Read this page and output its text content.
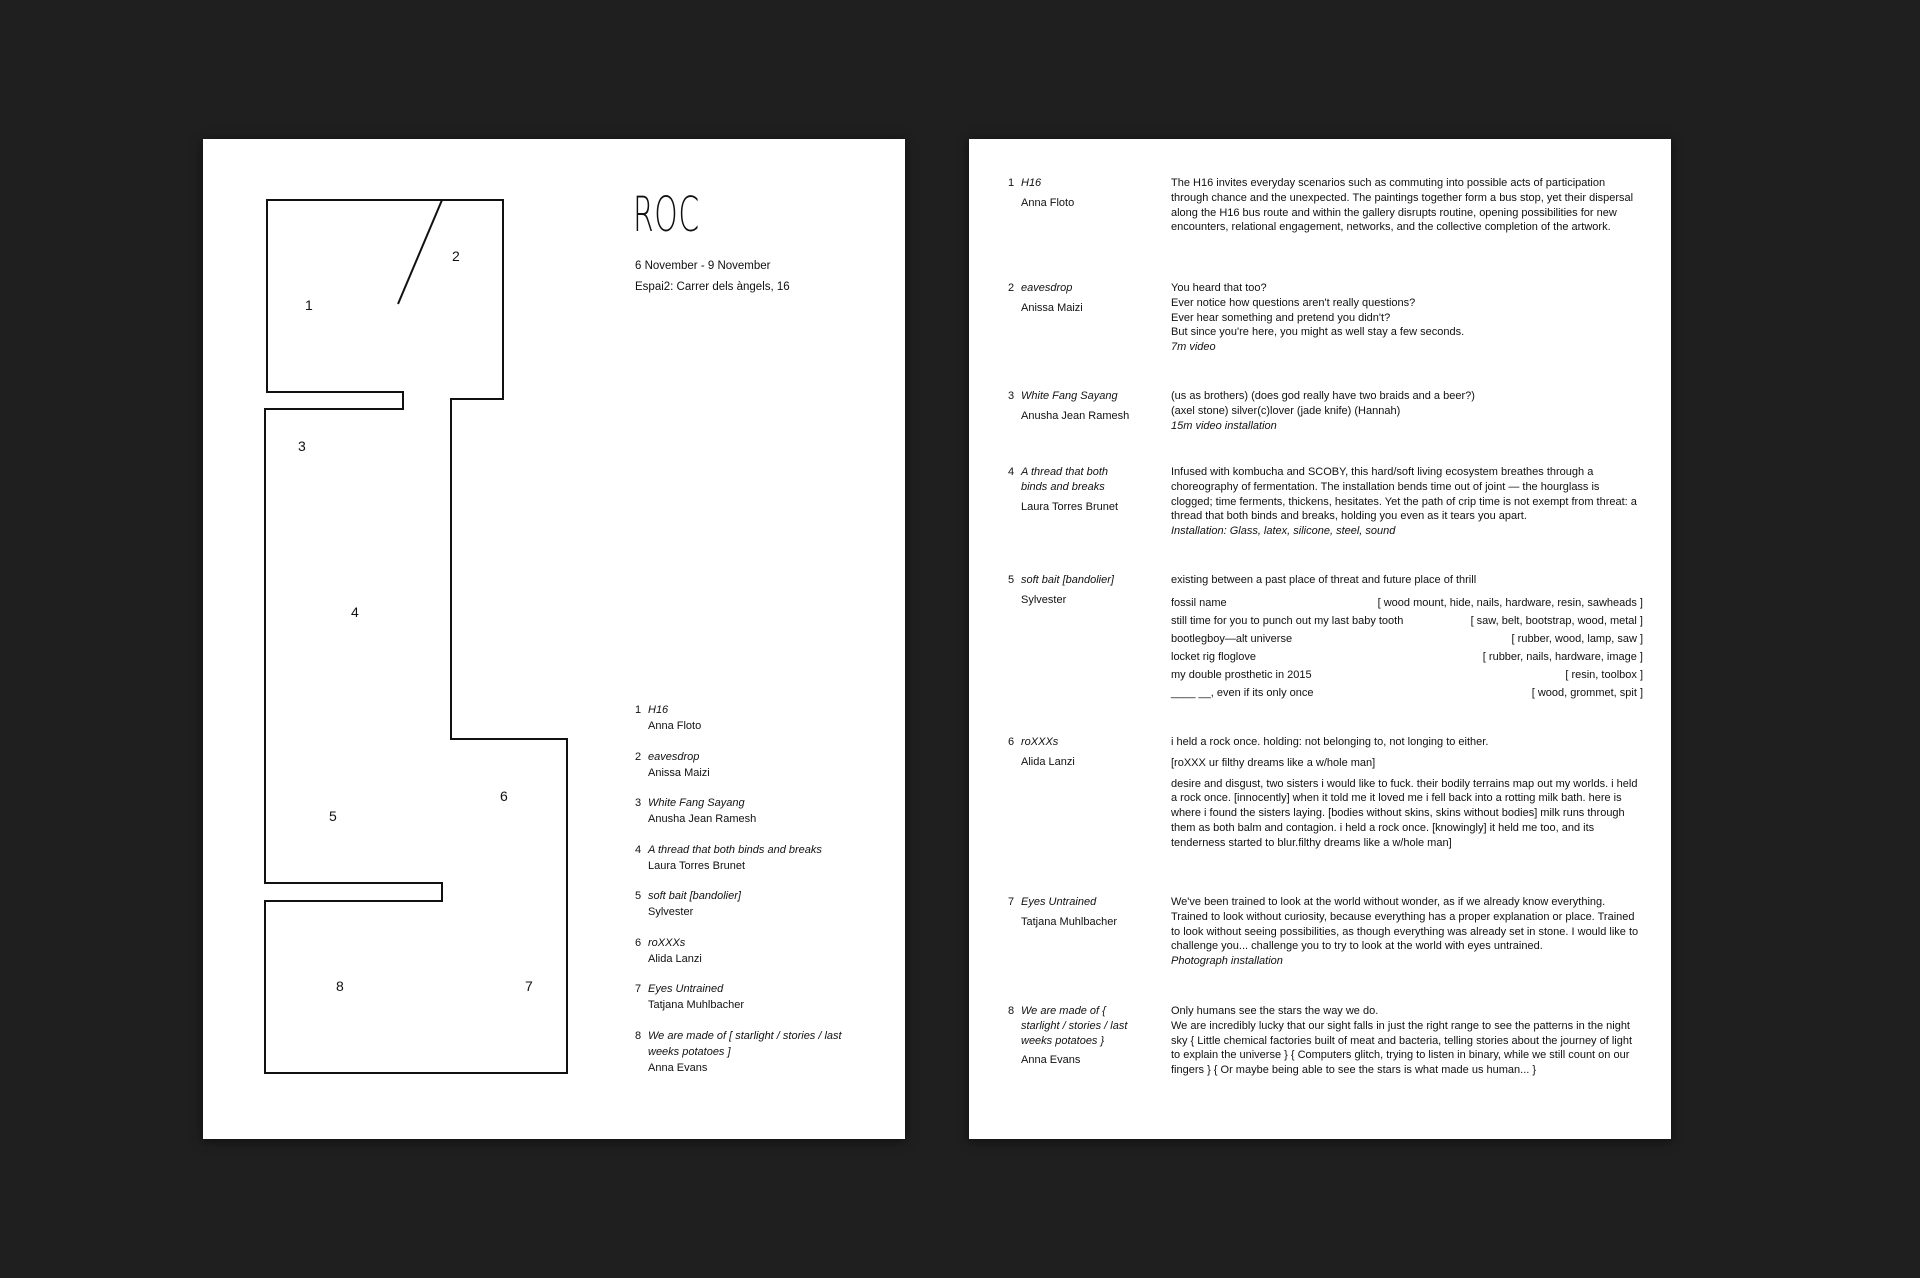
1
2
3
4
5
6
7
8
ROC
6 November - 9 November
Espai2: Carrer dels àngels, 16
1 H16
Anna Floto
2 eavesdrop
Anissa Maizi
3 White Fang Sayang
Anusha Jean Ramesh
4 A thread that both binds and breaks
Laura Torres Brunet
5 soft bait [bandolier]
Sylvester
6 roXXXs
Alida Lanzi
7 Eyes Untrained
Tatjana Muhlbacher
8 We are made of [ starlight / stories / last weeks potatoes ]
Anna Evans
1 H16
Anna Floto
The H16 invites everyday scenarios such as commuting into possible acts of participation through chance and the unexpected. The paintings together form a bus stop, yet their dispersal along the H16 bus route and within the gallery disrupts routine, opening possibilities for new encounters, relational engagement, networks, and the collective completion of the artwork.
2 eavesdrop
Anissa Maizi
You heard that too?
Ever notice how questions aren't really questions?
Ever hear something and pretend you didn't?
But since you're here, you might as well stay a few seconds.
7m video
3 White Fang Sayang
Anusha Jean Ramesh
(us as brothers) (does god really have two braids and a beer?)
(axel stone) silver(c)lover (jade knife) (Hannah)
15m video installation
4 A thread that both binds and breaks
Laura Torres Brunet
Infused with kombucha and SCOBY, this hard/soft living ecosystem breathes through a choreography of fermentation. The installation bends time out of joint — the hourglass is clogged; time ferments, thickens, hesitates. Yet the path of crip time is not exempt from threat: a thread that both binds and breaks, holding you even as it tears you apart.
Installation: Glass, latex, silicone, steel, sound
5 soft bait [bandolier]
Sylvester
existing between a past place of threat and future place of thrill
fossil name	[ wood mount, hide, nails, hardware, resin, sawheads ]
still time for you to punch out my last baby tooth	[ saw, belt, bootstrap, wood, metal ]
bootlegboy—alt universe	[ rubber, wood, lamp, saw ]
locket rig floglove	[ rubber, nails, hardware, image ]
my double prosthetic in 2015	[ resin, toolbox ]
____ __, even if its only once	[ wood, grommet, spit ]
6 roXXXs
Alida Lanzi
i held a rock once. holding: not belonging to, not longing to either.
[roXXX ur filthy dreams like a w/hole man]
desire and disgust, two sisters i would like to fuck. their bodily terrains map out my worlds. i held a rock once. [innocently] when it told me it loved me i fell back into a rotting milk bath. here is where i found the sisters laying. [bodies without skins, skins without bodies] milk runs through them as both balm and contagion. i held a rock once. [knowingly] it held me too, and its tenderness started to blur.filthy dreams like a w/hole man]
7 Eyes Untrained
Tatjana Muhlbacher
We've been trained to look at the world without wonder, as if we already know everything. Trained to look without curiosity, because everything has a proper explanation or place. Trained to look without seeing possibilities, as though everything was already set in stone. I would like to challenge you... challenge you to try to look at the world with eyes untrained.
Photograph installation
8 We are made of { starlight / stories / last weeks potatoes }
Anna Evans
Only humans see the stars the way we do.
We are incredibly lucky that our sight falls in just the right range to see the patterns in the night sky { Little chemical factories built of meat and bacteria, telling stories about the journey of light to explain the universe } { Computers glitch, trying to listen in binary, while we still count on our fingers } { Or maybe being able to see the stars is what made us human... }
